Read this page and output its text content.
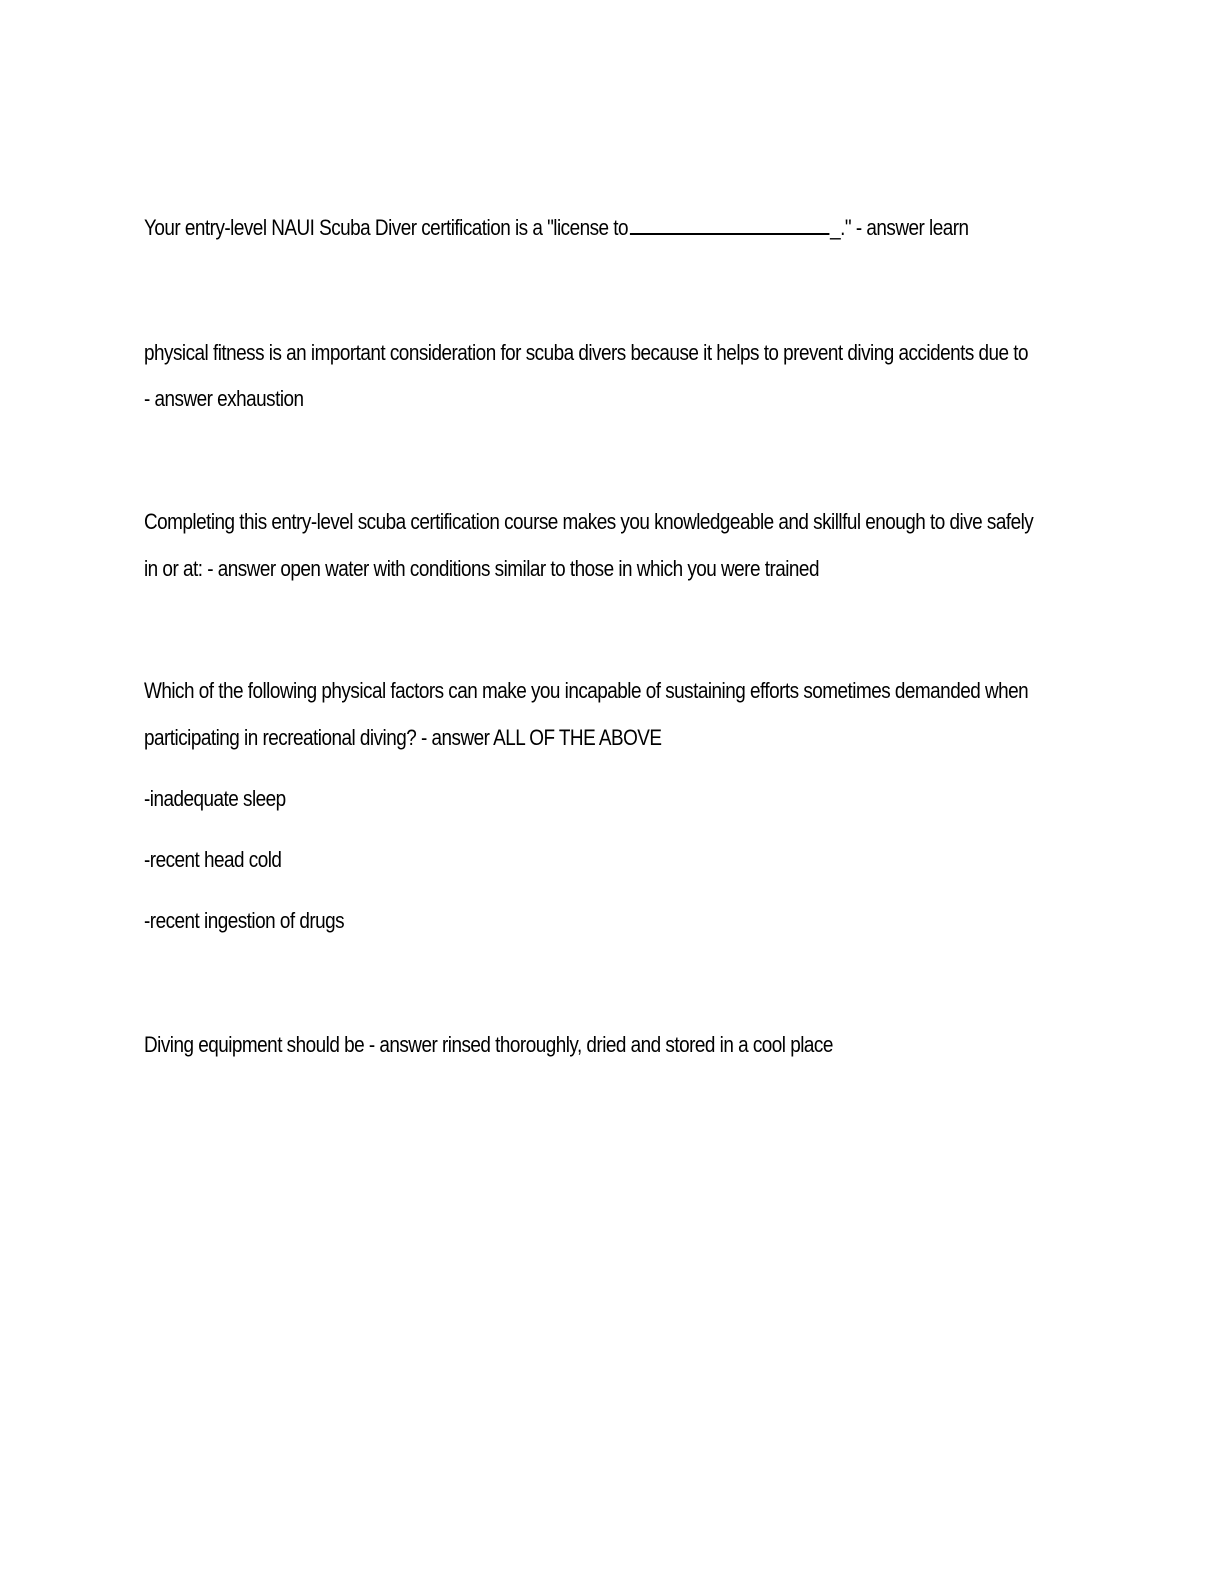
Your entry-level NAUI Scuba Diver certification is a "license to	_." - answer learn
physical fitness is an important consideration for scuba divers because it helps to prevent diving accidents due to
- answer exhaustion
Completing this entry-level scuba certification course makes you knowledgeable and skillful enough to dive safely
in or at: - answer open water with conditions similar to those in which you were trained
Which of the following physical factors can make you incapable of sustaining efforts sometimes demanded when
participating in recreational diving? - answer ALL OF THE ABOVE
-inadequate sleep
-recent head cold
-recent ingestion of drugs
Diving equipment should be - answer rinsed thoroughly, dried and stored in a cool place
